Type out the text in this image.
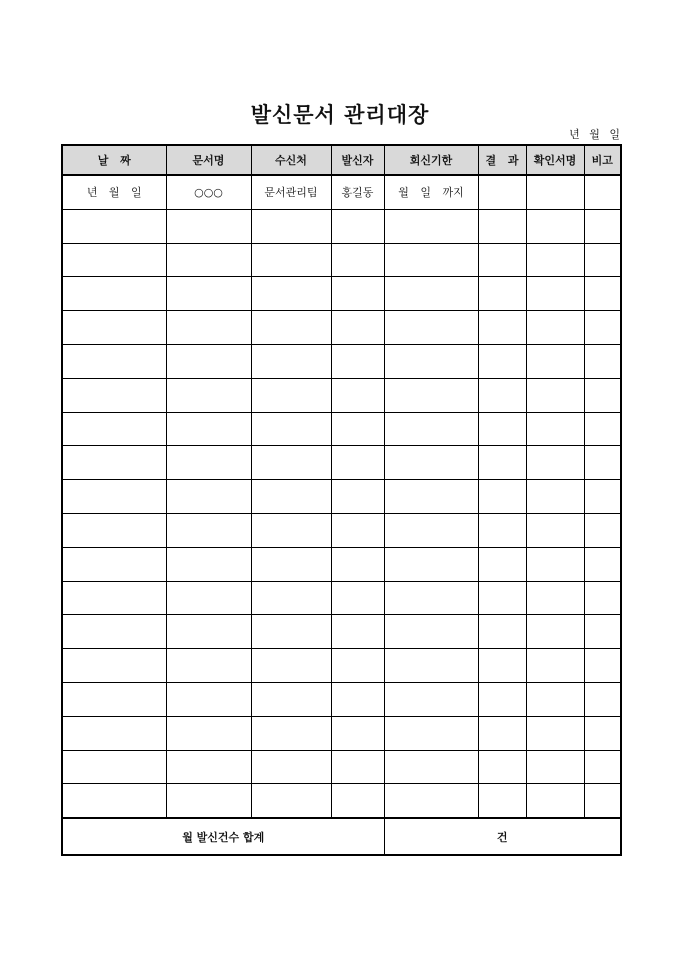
발신문서 관리대장
년 월 일
날 짜	문서명	수신처	발신자	회신기한	결 과	확인서명	비고
년 월 일	○○○	문서관리팀	홍길동	월 일 까지			

월 발신건수 합계				건			
